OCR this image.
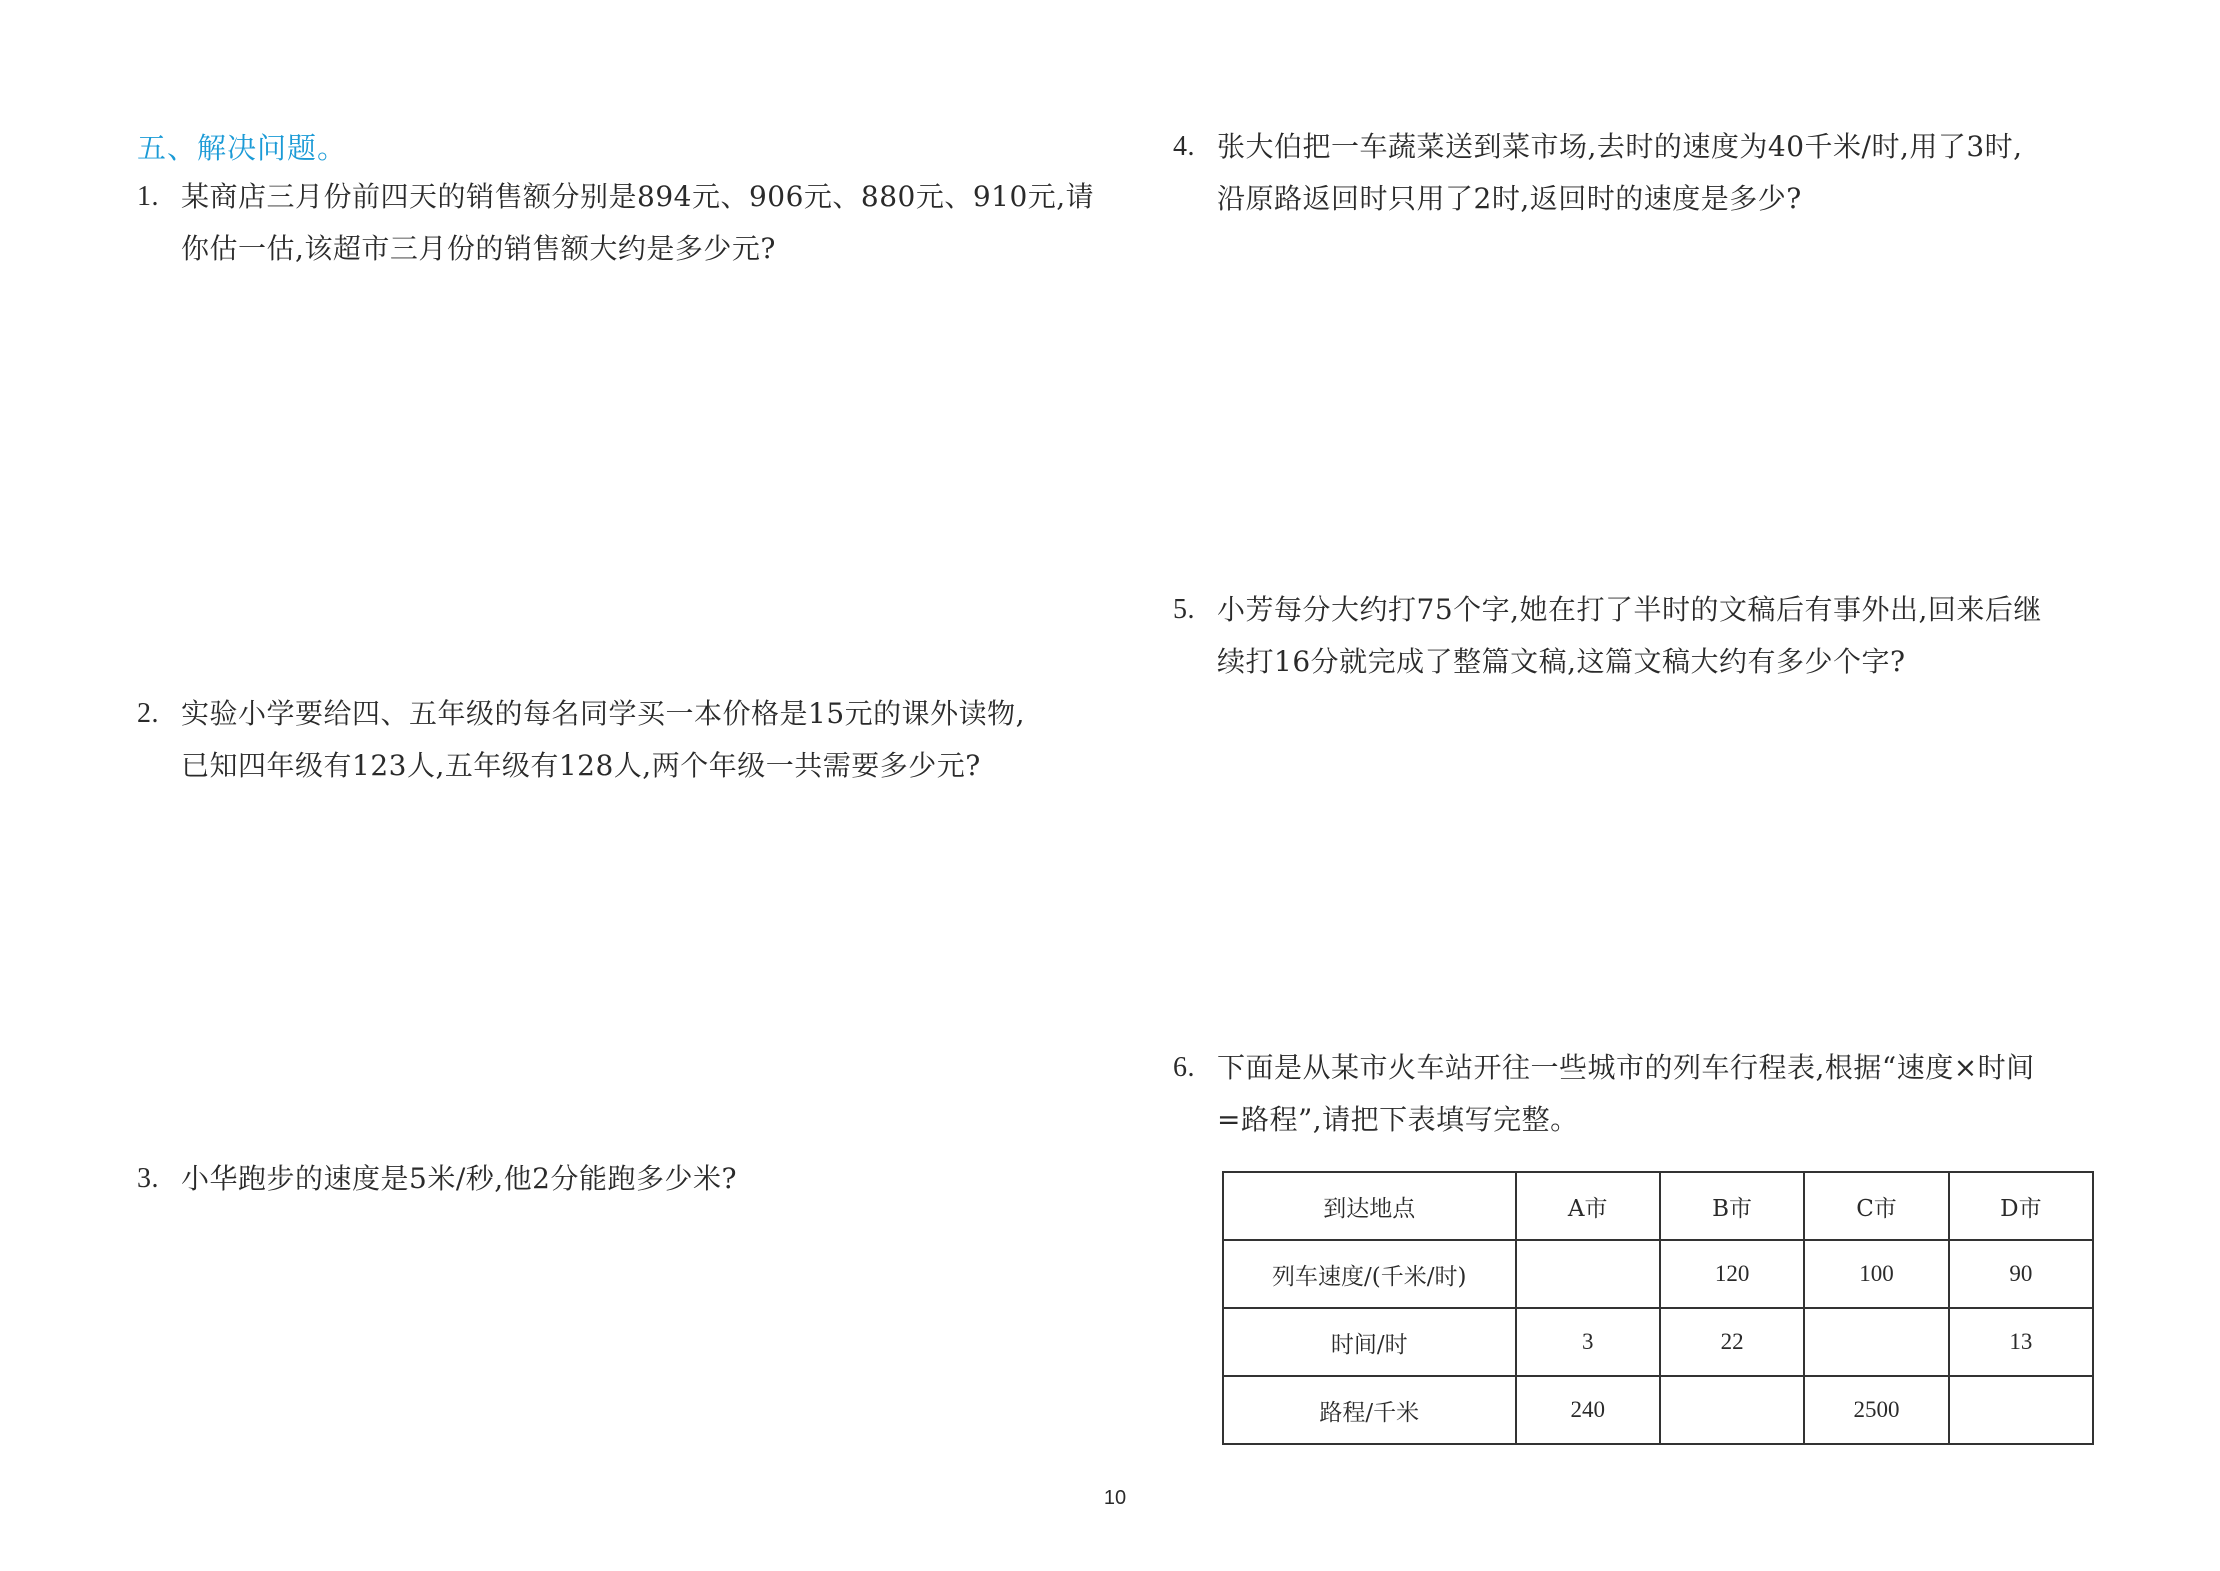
五、解决问题。
1. 某商店三月份前四天的销售额分别是894元、906元、880元、910元,请
你估一估,该超市三月份的销售额大约是多少元?
2. 实验小学要给四、五年级的每名同学买一本价格是15元的课外读物,
已知四年级有123人,五年级有128人,两个年级一共需要多少元?
3. 小华跑步的速度是5米/秒,他2分能跑多少米?
4. 张大伯把一车蔬菜送到菜市场,去时的速度为40千米/时,用了3时,
沿原路返回时只用了2时,返回时的速度是多少?
5. 小芳每分大约打75个字,她在打了半时的文稿后有事外出,回来后继
续打16分就完成了整篇文稿,这篇文稿大约有多少个字?
6. 下面是从某市火车站开往一些城市的列车行程表,根据“速度×时间
=路程”,请把下表填写完整。
到达地点	A市	B市	C市	D市
列车速度/(千米/时)		120	100	90
时间/时	3	22		13
路程/千米	240		2500	
10
